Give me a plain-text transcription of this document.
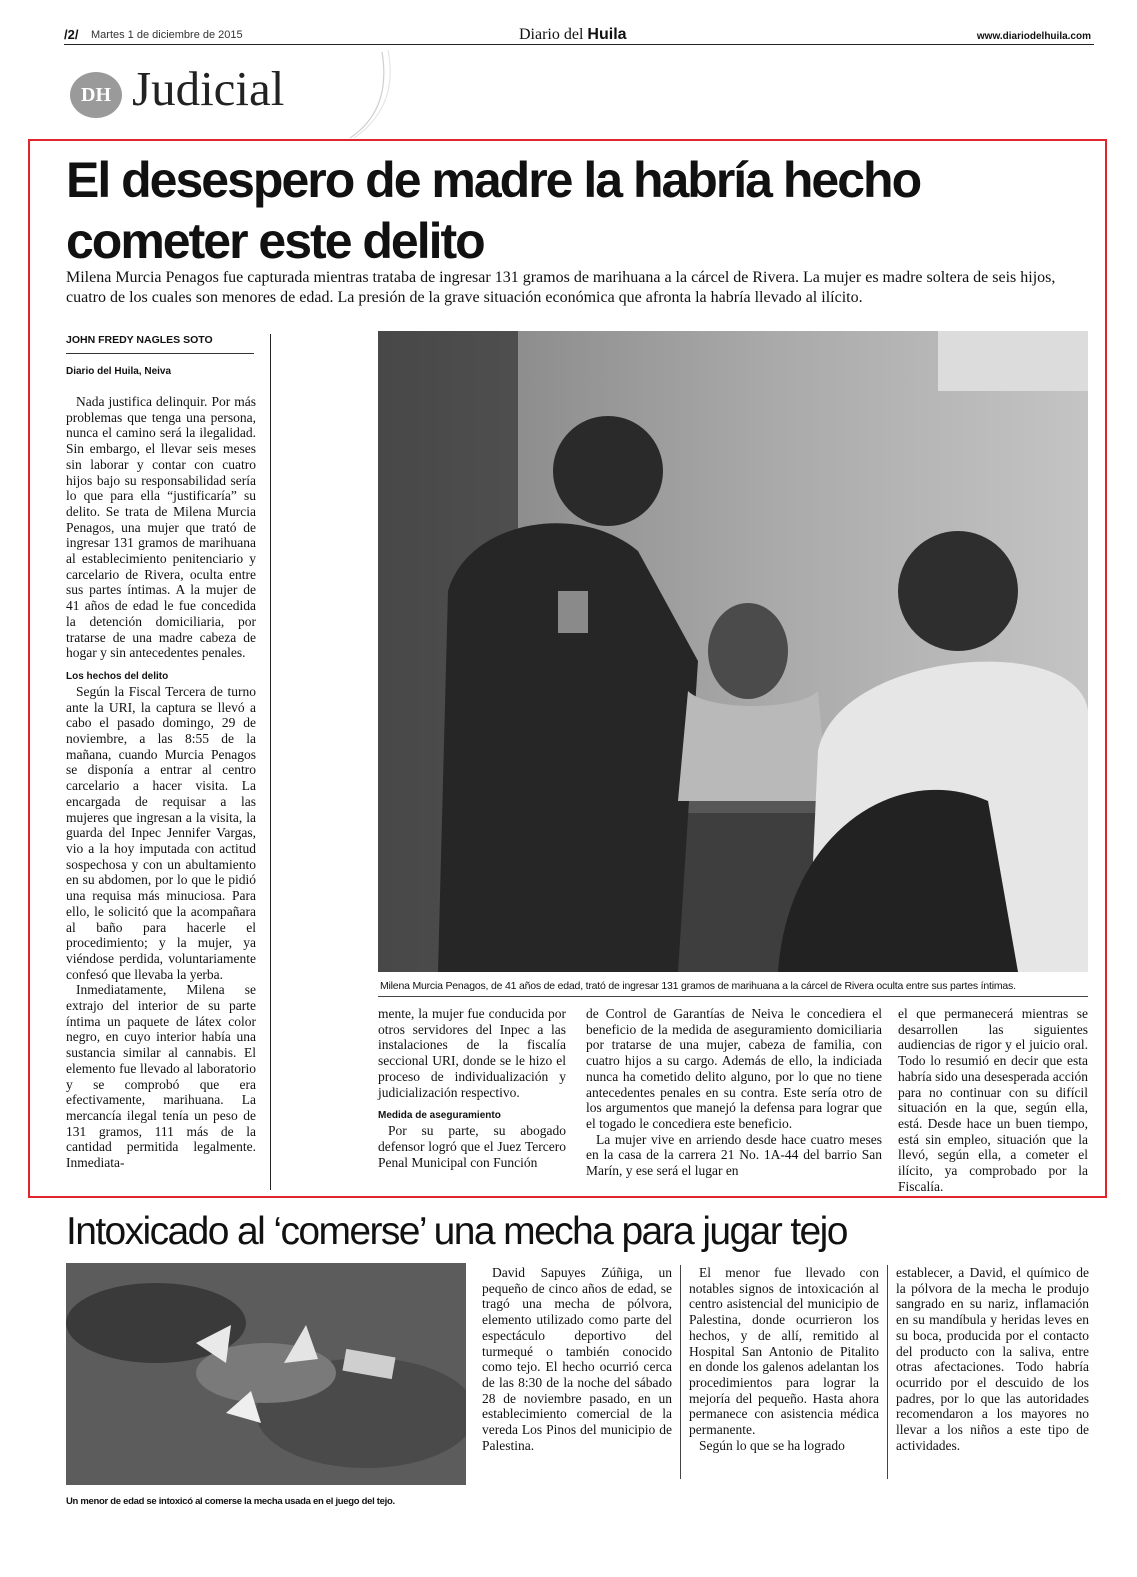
/2/ Martes 1 de diciembre de 2015	Diario del Huila	www.diariodelhuila.com
DH Judicial
El desespero de madre la habría hecho cometer este delito

Milena Murcia Penagos fue capturada mientras trataba de ingresar 131 gramos de marihuana a la cárcel de Rivera. La mujer es madre soltera de seis hijos, cuatro de los cuales son menores de edad. La presión de la grave situación económica que afronta la habría llevado al ilícito.

JOHN FREDY NAGLES SOTO
Diario del Huila, Neiva

Nada justifica delinquir. Por más problemas que tenga una persona, nunca el camino será la ilegalidad. Sin embargo, el llevar seis meses sin laborar y contar con cuatro hijos bajo su responsabilidad sería lo que para ella “justificaría” su delito. Se trata de Milena Murcia Penagos, una mujer que trató de ingresar 131 gramos de marihuana al establecimiento penitenciario y carcelario de Rivera, oculta entre sus partes íntimas. A la mujer de 41 años de edad le fue concedida la detención domiciliaria, por tratarse de una madre cabeza de hogar y sin antecedentes penales.

Los hechos del delito

Según la Fiscal Tercera de turno ante la URI, la captura se llevó a cabo el pasado domingo, 29 de noviembre, a las 8:55 de la mañana, cuando Murcia Penagos se disponía a entrar al centro carcelario a hacer visita. La encargada de requisar a las mujeres que ingresan a la visita, la guarda del Inpec Jennifer Vargas, vio a la hoy imputada con actitud sospechosa y con un abultamiento en su abdomen, por lo que le pidió una requisa más minuciosa. Para ello, le solicitó que la acompañara al baño para hacerle el procedimiento; y la mujer, ya viéndose perdida, voluntariamente confesó que llevaba la yerba.

Inmediatamente, Milena se extrajo del interior de su parte íntima un paquete de látex color negro, en cuyo interior había una sustancia similar al cannabis. El elemento fue llevado al laboratorio y se comprobó que era efectivamente, marihuana. La mercancía ilegal tenía un peso de 131 gramos, 111 más de la cantidad permitida legalmente. Inmediata-

Milena Murcia Penagos, de 41 años de edad, trató de ingresar 131 gramos de marihuana a la cárcel de Rivera oculta entre sus partes íntimas.

mente, la mujer fue conducida por otros servidores del Inpec a las instalaciones de la fiscalía seccional URI, donde se le hizo el proceso de individualización y judicialización respectivo.

Medida de aseguramiento

Por su parte, su abogado defensor logró que el Juez Tercero Penal Municipal con Función

de Control de Garantías de Neiva le concediera el beneficio de la medida de aseguramiento domiciliaria por tratarse de una mujer, cabeza de familia, con cuatro hijos a su cargo. Además de ello, la indiciada nunca ha cometido delito alguno, por lo que no tiene antecedentes penales en su contra. Este sería otro de los argumentos que manejó la defensa para lograr que el togado le concediera este beneficio.

La mujer vive en arriendo desde hace cuatro meses en la casa de la carrera 21 No. 1A-44 del barrio San Marín, y ese será el lugar en

el que permanecerá mientras se desarrollen las siguientes audiencias de rigor y el juicio oral. Todo lo resumió en decir que esta habría sido una desesperada acción para no continuar con su difícil situación en la que, según ella, está. Desde hace un buen tiempo, está sin empleo, situación que la llevó, según ella, a cometer el ilícito, ya comprobado por la Fiscalía.

Intoxicado al ‘comerse’ una mecha para jugar tejo
Un menor de edad se intoxicó al comerse la mecha usada en el juego del tejo.

David Sapuyes Zúñiga, un pequeño de cinco años de edad, se tragó una mecha de pólvora, elemento utilizado como parte del espectáculo deportivo del turmequé o también conocido como tejo. El hecho ocurrió cerca de las 8:30 de la noche del sábado 28 de noviembre pasado, en un establecimiento comercial de la vereda Los Pinos del municipio de Palestina.

El menor fue llevado con notables signos de intoxicación al centro asistencial del municipio de Palestina, donde ocurrieron los hechos, y de allí, remitido al Hospital San Antonio de Pitalito en donde los galenos adelantan los procedimientos para lograr la mejoría del pequeño. Hasta ahora permanece con asistencia médica permanente.

Según lo que se ha logrado

establecer, a David, el químico de la pólvora de la mecha le produjo sangrado en su nariz, inflamación en su mandíbula y heridas leves en su boca, producida por el contacto del producto con la saliva, entre otras afectaciones. Todo habría ocurrido por el descuido de los padres, por lo que las autoridades recomendaron a los mayores no llevar a los niños a este tipo de actividades.
